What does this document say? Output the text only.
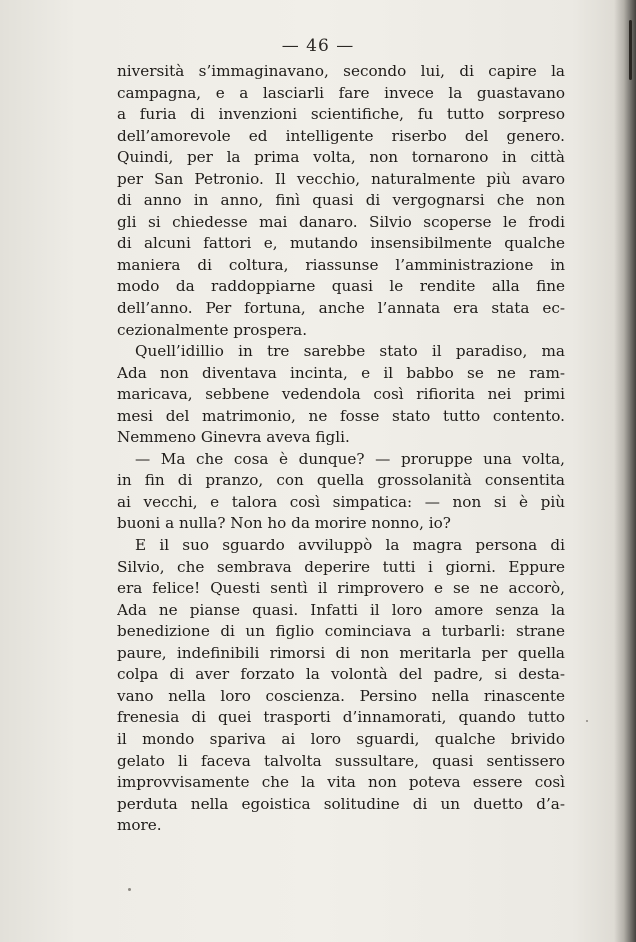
— 46 —
niversità s’immaginavano, secondo lui, di capire la
campagna, e a lasciarli fare invece la guastavano
a furia di invenzioni scientifiche, fu tutto sorpreso
dell’amorevole ed intelligente riserbo del genero.
Quindi, per la prima volta, non tornarono in città
per San Petronio. Il vecchio, naturalmente più avaro
di anno in anno, finì quasi di vergognarsi che non
gli si chiedesse mai danaro. Silvio scoperse le frodi
di alcuni fattori e, mutando insensibilmente qualche
maniera di coltura, riassunse l’amministrazione in
modo da raddoppiarne quasi le rendite alla fine
dell’anno. Per fortuna, anche l’annata era stata ec-
cezionalmente prospera.
Quell’idillio in tre sarebbe stato il paradiso, ma
Ada non diventava incinta, e il babbo se ne ram-
maricava, sebbene vedendola così rifiorita nei primi
mesi del matrimonio, ne fosse stato tutto contento.
Nemmeno Ginevra aveva figli.
— Ma che cosa è dunque? — proruppe una volta,
in fin di pranzo, con quella grossolanità consentita
ai vecchi, e talora così simpatica: — non si è più
buoni a nulla? Non ho da morire nonno, io?
E il suo sguardo avviluppò la magra persona di
Silvio, che sembrava deperire tutti i giorni. Eppure
era felice! Questi sentì il rimprovero e se ne accorò,
Ada ne pianse quasi. Infatti il loro amore senza la
benedizione di un figlio cominciava a turbarli: strane
paure, indefinibili rimorsi di non meritarla per quella
colpa di aver forzato la volontà del padre, si desta-
vano nella loro coscienza. Persino nella rinascente
frenesia di quei trasporti d’innamorati, quando tutto
il mondo spariva ai loro sguardi, qualche brivido
gelato li faceva talvolta sussultare, quasi sentissero
improvvisamente che la vita non poteva essere così
perduta nella egoistica solitudine di un duetto d’a-
more.
